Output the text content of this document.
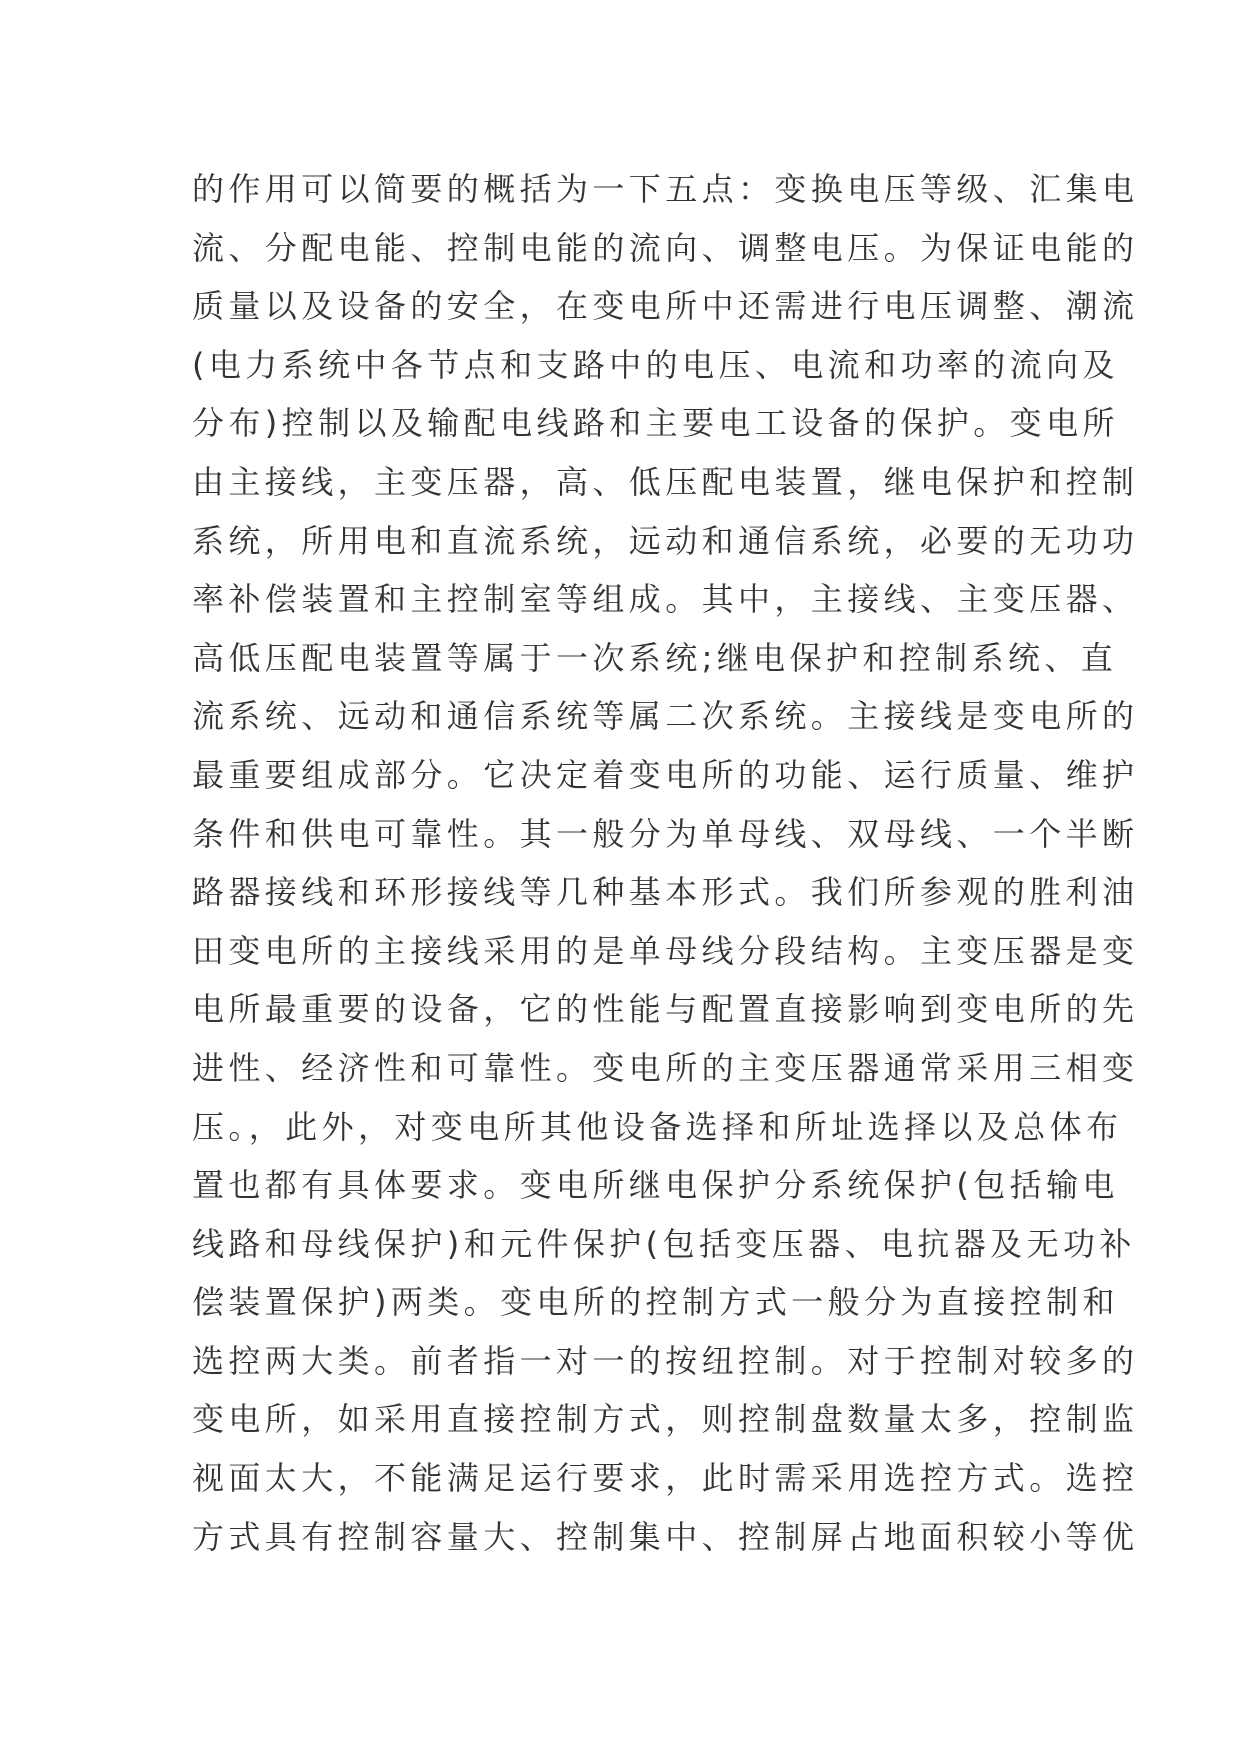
的作用可以简要的概括为一下五点：变换电压等级、汇集电
流、分配电能、控制电能的流向、调整电压。为保证电能的
质量以及设备的安全，在变电所中还需进行电压调整、潮流
(电力系统中各节点和支路中的电压、电流和功率的流向及
分布)控制以及输配电线路和主要电工设备的保护。变电所
由主接线，主变压器，高、低压配电装置，继电保护和控制
系统，所用电和直流系统，远动和通信系统，必要的无功功
率补偿装置和主控制室等组成。其中，主接线、主变压器、
高低压配电装置等属于一次系统;继电保护和控制系统、直
流系统、远动和通信系统等属二次系统。主接线是变电所的
最重要组成部分。它决定着变电所的功能、运行质量、维护
条件和供电可靠性。其一般分为单母线、双母线、一个半断
路器接线和环形接线等几种基本形式。我们所参观的胜利油
田变电所的主接线采用的是单母线分段结构。主变压器是变
电所最重要的设备，它的性能与配置直接影响到变电所的先
进性、经济性和可靠性。变电所的主变压器通常采用三相变
压。，此外，对变电所其他设备选择和所址选择以及总体布
置也都有具体要求。变电所继电保护分系统保护(包括输电
线路和母线保护)和元件保护(包括变压器、电抗器及无功补
偿装置保护)两类。变电所的控制方式一般分为直接控制和
选控两大类。前者指一对一的按纽控制。对于控制对较多的
变电所，如采用直接控制方式，则控制盘数量太多，控制监
视面太大，不能满足运行要求，此时需采用选控方式。选控
方式具有控制容量大、控制集中、控制屏占地面积较小等优
